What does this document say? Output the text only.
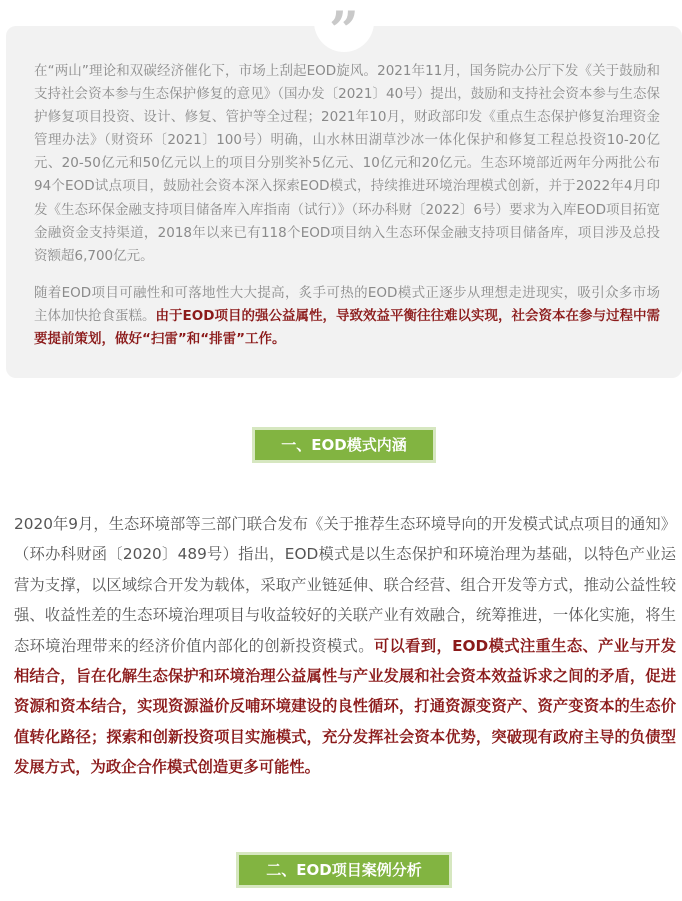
在“两山”理论和双碳经济催化下，市场上刮起EOD旋风。2021年11月，国务院办公厅下发《关于鼓励和支持社会资本参与生态保护修复的意见》（国办发〔2021〕40号）提出，鼓励和支持社会资本参与生态保护修复项目投资、设计、修复、管护等全过程；2021年10月，财政部印发《重点生态保护修复治理资金管理办法》（财资环〔2021〕100号）明确，山水林田湖草沙冰一体化保护和修复工程总投资10-20亿元、20-50亿元和50亿元以上的项目分别奖补5亿元、10亿元和20亿元。生态环境部近两年分两批公布94个EOD试点项目，鼓励社会资本深入探索EOD模式，持续推进环境治理模式创新，并于2022年4月印发《生态环保金融支持项目储备库入库指南（试行）》（环办科财〔2022〕6号）要求为入库EOD项目拓宽金融资金支持渠道，2018年以来已有118个EOD项目纳入生态环保金融支持项目储备库，项目涉及总投资额超6,700亿元。

随着EOD项目可融性和可落地性大大提高，炙手可热的EOD模式正逐步从理想走进现实，吸引众多市场主体加快抢食蛋糕。由于EOD项目的强公益属性，导致效益平衡往往难以实现，社会资本在参与过程中需要提前策划，做好“扫雷”和“排雷”工作。

”
一、EOD模式内涵

2020年9月，生态环境部等三部门联合发布《关于推荐生态环境导向的开发模式试点项目的通知》（环办科财函〔2020〕489号）指出，EOD模式是以生态保护和环境治理为基础，以特色产业运营为支撑，以区域综合开发为载体，采取产业链延伸、联合经营、组合开发等方式，推动公益性较强、收益性差的生态环境治理项目与收益较好的关联产业有效融合，统筹推进，一体化实施，将生态环境治理带来的经济价值内部化的创新投资模式。可以看到，EOD模式注重生态、产业与开发相结合，旨在化解生态保护和环境治理公益属性与产业发展和社会资本效益诉求之间的矛盾，促进资源和资本结合，实现资源溢价反哺环境建设的良性循环，打通资源变资产、资产变资本的生态价值转化路径；探索和创新投资项目实施模式，充分发挥社会资本优势，突破现有政府主导的负债型发展方式，为政企合作模式创造更多可能性。

二、EOD项目案例分析
